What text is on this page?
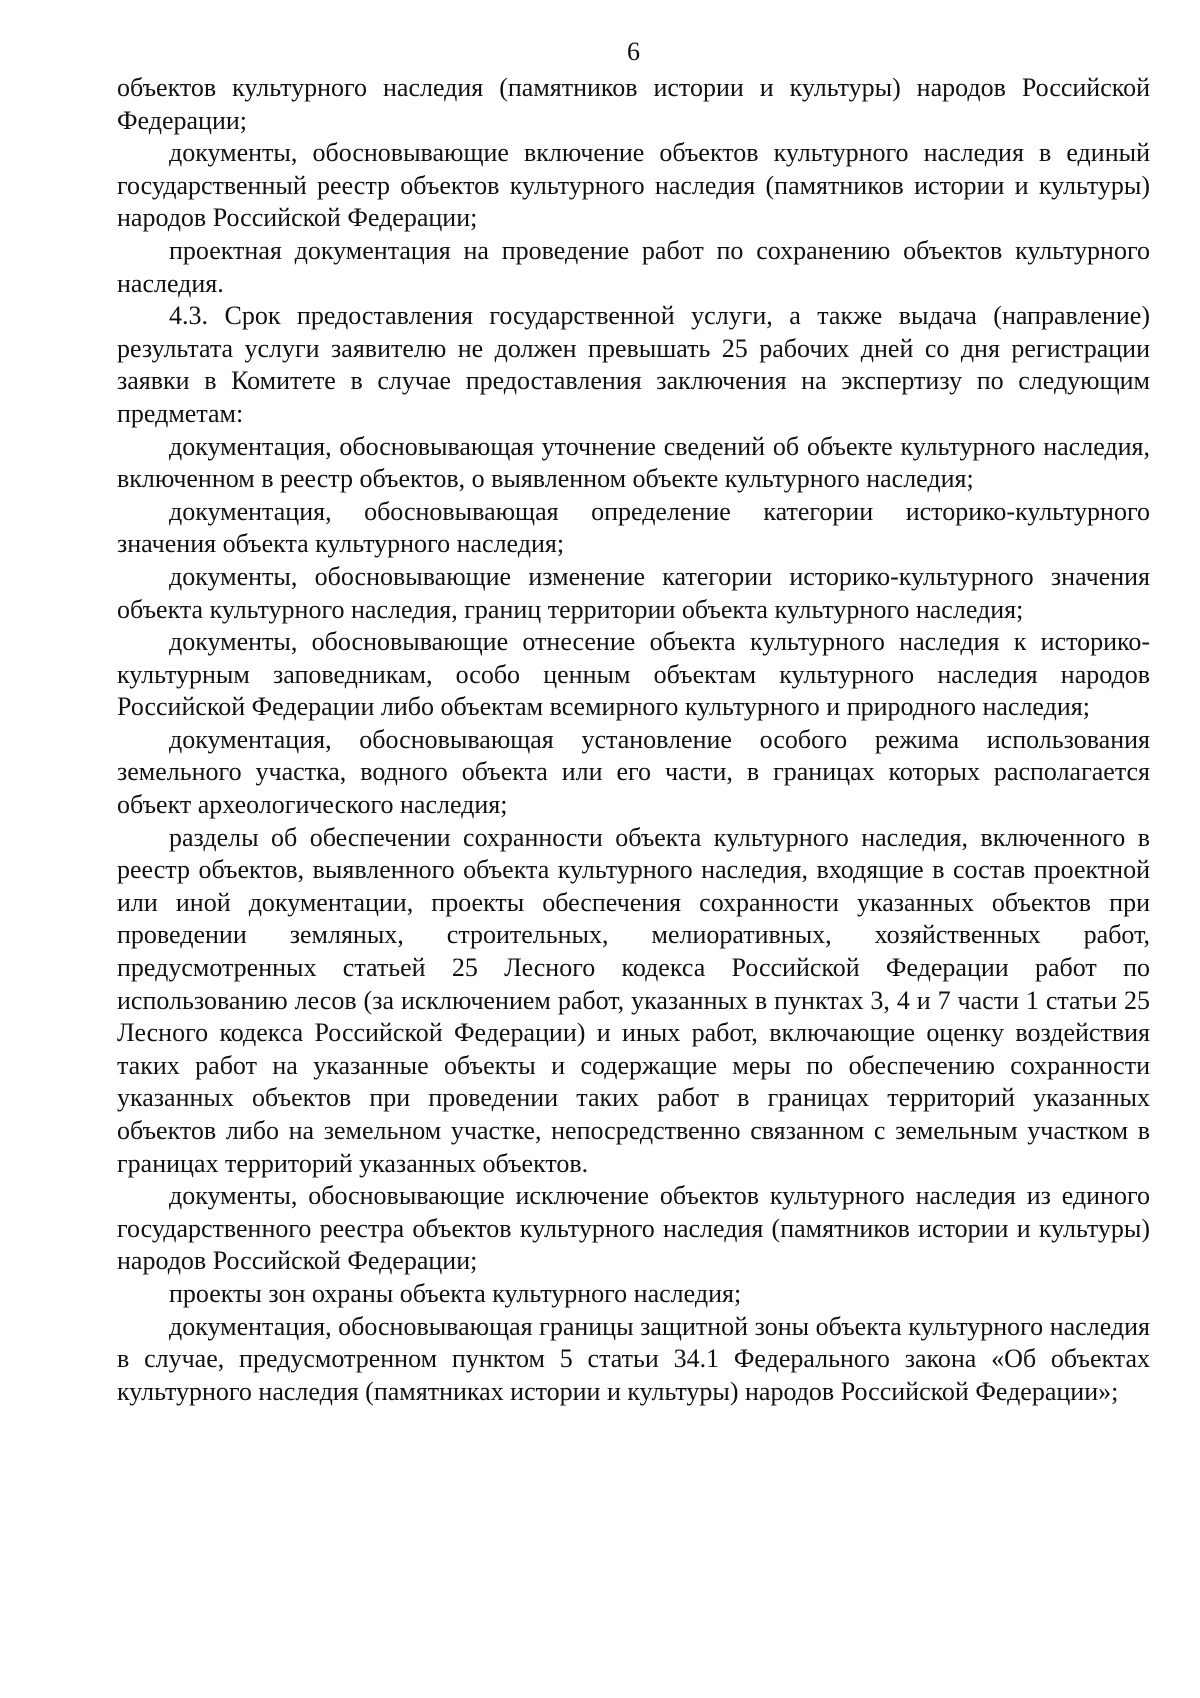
6

объектов культурного наследия (памятников истории и культуры) народов Российской Федерации;

документы, обосновывающие включение объектов культурного наследия в единый государственный реестр объектов культурного наследия (памятников истории и культуры) народов Российской Федерации;

проектная документация на проведение работ по сохранению объектов культурного наследия.

4.3. Срок предоставления государственной услуги, а также выдача (направление) результата услуги заявителю не должен превышать 25 рабочих дней со дня регистрации заявки в Комитете в случае предоставления заключения на экспертизу по следующим предметам:

документация, обосновывающая уточнение сведений об объекте культурного наследия, включенном в реестр объектов, о выявленном объекте культурного наследия;

документация, обосновывающая определение категории историко-культурного значения объекта культурного наследия;

документы, обосновывающие изменение категории историко-культурного значения объекта культурного наследия, границ территории объекта культурного наследия;

документы, обосновывающие отнесение объекта культурного наследия к историко-культурным заповедникам, особо ценным объектам культурного наследия народов Российской Федерации либо объектам всемирного культурного и природного наследия;

документация, обосновывающая установление особого режима использования земельного участка, водного объекта или его части, в границах которых располагается объект археологического наследия;

разделы об обеспечении сохранности объекта культурного наследия, включенного в реестр объектов, выявленного объекта культурного наследия, входящие в состав проектной или иной документации, проекты обеспечения сохранности указанных объектов при проведении земляных, строительных, мелиоративных, хозяйственных работ, предусмотренных статьей 25 Лесного кодекса Российской Федерации работ по использованию лесов (за исключением работ, указанных в пунктах 3, 4 и 7 части 1 статьи 25 Лесного кодекса Российской Федерации) и иных работ, включающие оценку воздействия таких работ на указанные объекты и содержащие меры по обеспечению сохранности указанных объектов при проведении таких работ в границах территорий указанных объектов либо на земельном участке, непосредственно связанном с земельным участком в границах территорий указанных объектов.

документы, обосновывающие исключение объектов культурного наследия из единого государственного реестра объектов культурного наследия (памятников истории и культуры) народов Российской Федерации;

проекты зон охраны объекта культурного наследия;

документация, обосновывающая границы защитной зоны объекта культурного наследия в случае, предусмотренном пунктом 5 статьи 34.1 Федерального закона «Об объектах культурного наследия (памятниках истории и культуры) народов Российской Федерации»;
